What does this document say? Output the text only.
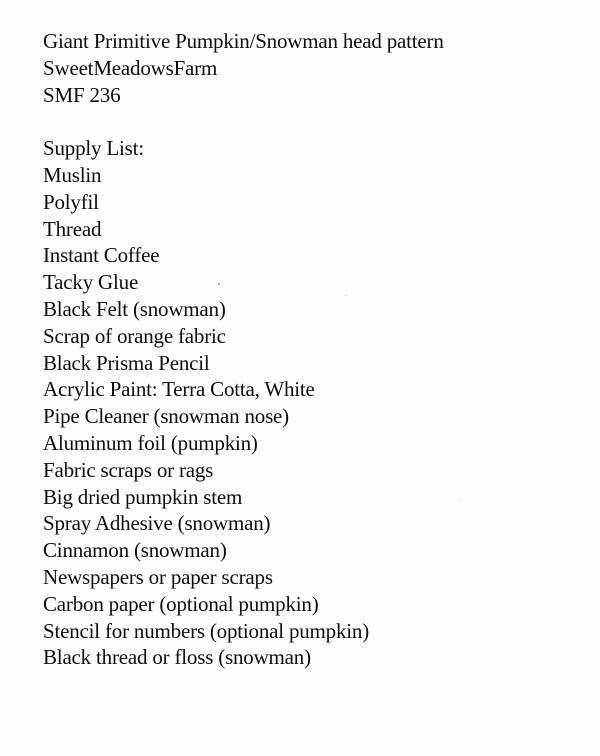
Giant Primitive Pumpkin/Snowman head pattern
SweetMeadowsFarm
SMF 236
Supply List:
Muslin
Polyfil
Thread
Instant Coffee
Tacky Glue
Black Felt (snowman)
Scrap of orange fabric
Black Prisma Pencil
Acrylic Paint: Terra Cotta, White
Pipe Cleaner (snowman nose)
Aluminum foil (pumpkin)
Fabric scraps or rags
Big dried pumpkin stem
Spray Adhesive (snowman)
Cinnamon (snowman)
Newspapers or paper scraps
Carbon paper (optional pumpkin)
Stencil for numbers (optional pumpkin)
Black thread or floss (snowman)
